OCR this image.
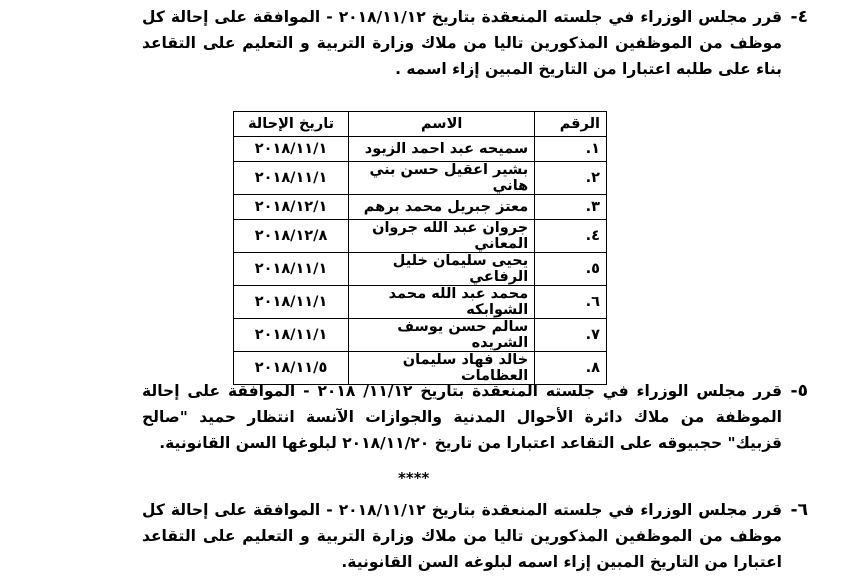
٤-
قرر مجلس الوزراء في جلسته المنعقدة بتاريخ ٢٠١٨/١١/١٢ - الموافقة على إحالة كل موظف من الموظفين المذكورين تاليا من ملاك وزارة التربية و التعليم على التقاعد بناء على طلبه اعتبارا من التاريخ المبين إزاء اسمه .
الرقم	الاسم	تاريخ الإحالة
١.	سميحه عبد احمد الزيود	٢٠١٨/١١/١
٢.	بشير اعقيل حسن بني هاني	٢٠١٨/١١/١
٣.	معتز جبريل محمد برهم	٢٠١٨/١٢/١
٤.	جروان عبد الله جروان المعاني	٢٠١٨/١٢/٨
٥.	يحيى سليمان خليل الرفاعي	٢٠١٨/١١/١
٦.	محمد عبد الله محمد الشوابكه	٢٠١٨/١١/١
٧.	سالم حسن يوسف الشريده	٢٠١٨/١١/١
٨.	خالد فهاد سليمان العظامات	٢٠١٨/١١/٥
٥-
قرر مجلس الوزراء في جلسته المنعقدة بتاريخ ١١/١٢/ ٢٠١٨ - الموافقة على إحالة الموظفة من ملاك دائرة الأحوال المدنية والجوازات الآنسة انتظار حميد "صالح قزبيك" حجبيوقه على التقاعد اعتبارا من تاريخ ٢٠١٨/١١/٢٠ لبلوغها السن القانونية.
****
٦-
قرر مجلس الوزراء في جلسته المنعقدة بتاريخ ٢٠١٨/١١/١٢ - الموافقة على إحالة كل موظف من الموظفين المذكورين تاليا من ملاك وزارة التربية و التعليم على التقاعد اعتبارا من التاريخ المبين إزاء اسمه لبلوغه السن القانونية.
